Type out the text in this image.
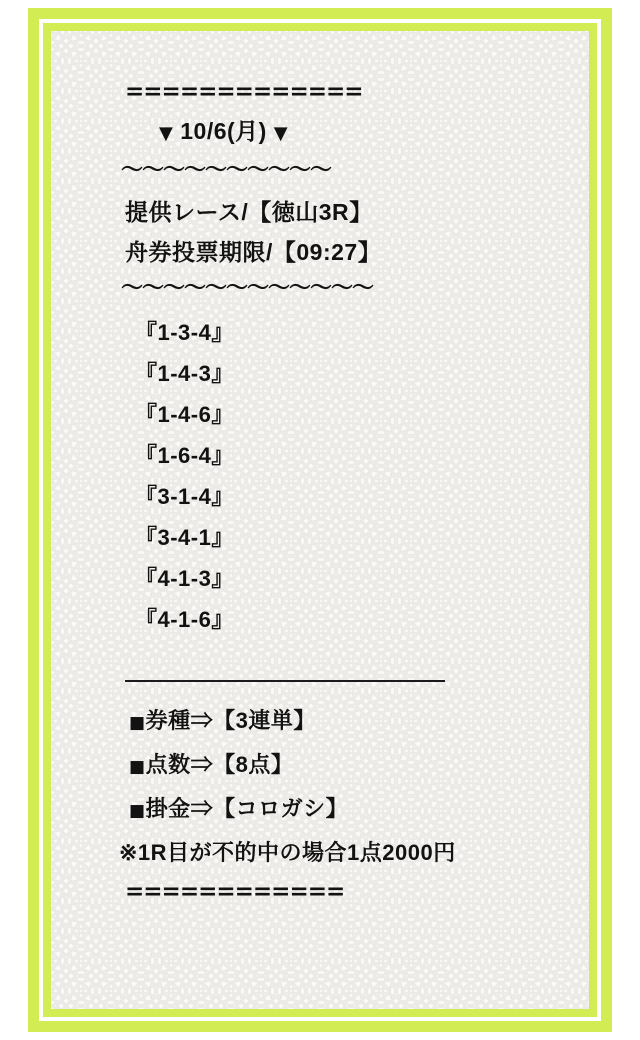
=============
▼ 10/6(月) ▼
〜〜〜〜〜〜〜〜〜〜
提供レース/【徳山3R】
舟券投票期限/【09:27】
〜〜〜〜〜〜〜〜〜〜〜〜
『1-3-4』
『1-4-3』
『1-4-6』
『1-6-4』
『3-1-4』
『3-4-1』
『4-1-3』
『4-1-6』
■券種⇒【3連単】
■点数⇒【8点】
■掛金⇒【コロガシ】
※1R目が不的中の場合1点2000円
============
